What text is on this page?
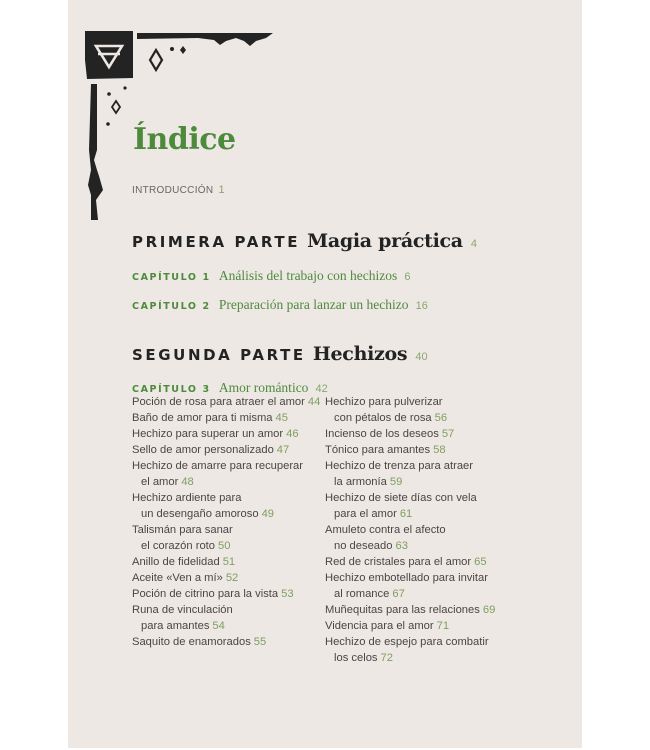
Índice
INTRODUCCIÓN 1
PRIMERA PARTE Magia práctica 4
CAPÍTULO 1 Análisis del trabajo con hechizos 6
CAPÍTULO 2 Preparación para lanzar un hechizo 16
SEGUNDA PARTE Hechizos 40
CAPÍTULO 3 Amor romántico 42
Poción de rosa para atraer el amor 44
Baño de amor para ti misma 45
Hechizo para superar un amor 46
Sello de amor personalizado 47
Hechizo de amarre para recuperar
el amor 48
Hechizo ardiente para
un desengaño amoroso 49
Talismán para sanar
el corazón roto 50
Anillo de fidelidad 51
Aceite «Ven a mí» 52
Poción de citrino para la vista 53
Runa de vinculación
para amantes 54
Saquito de enamorados 55
Hechizo para pulverizar
con pétalos de rosa 56
Incienso de los deseos 57
Tónico para amantes 58
Hechizo de trenza para atraer
la armonía 59
Hechizo de siete días con vela
para el amor 61
Amuleto contra el afecto
no deseado 63
Red de cristales para el amor 65
Hechizo embotellado para invitar
al romance 67
Muñequitas para las relaciones 69
Videncia para el amor 71
Hechizo de espejo para combatir
los celos 72
